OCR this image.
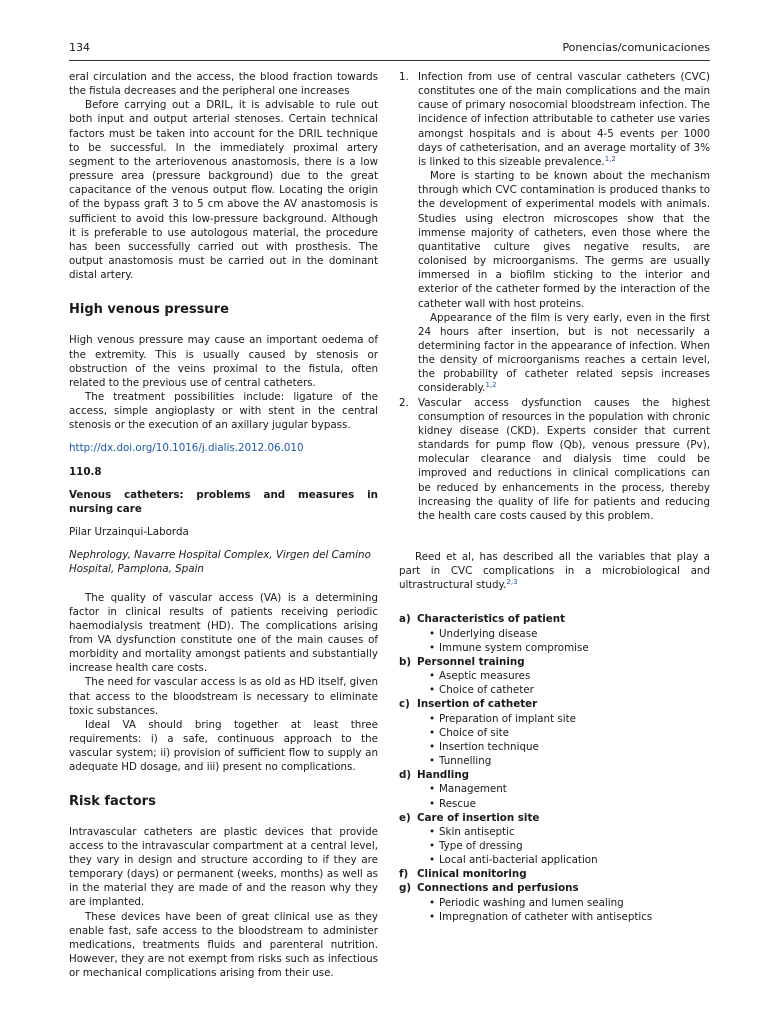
134	Ponencias/comunicaciones

eral circulation and the access, the blood fraction towards the fistula decreases and the peripheral one increases

Before carrying out a DRIL, it is advisable to rule out both input and output arterial stenoses. Certain technical factors must be taken into account for the DRIL technique to be successful. In the immediately proximal artery segment to the arteriovenous anastomosis, there is a low pressure area (pressure background) due to the great capacitance of the venous output flow. Locating the origin of the bypass graft 3 to 5 cm above the AV anastomosis is sufficient to avoid this low-pressure background. Although it is preferable to use autologous material, the procedure has been successfully carried out with prosthesis. The output anastomosis must be carried out in the dominant distal artery.

High venous pressure

High venous pressure may cause an important oedema of the extremity. This is usually caused by stenosis or obstruction of the veins proximal to the fistula, often related to the previous use of central catheters.

The treatment possibilities include: ligature of the access, simple angioplasty or with stent in the central stenosis or the execution of an axillary jugular bypass.

http://dx.doi.org/10.1016/j.dialis.2012.06.010

110.8

Venous catheters: problems and measures in nursing care

Pilar Urzainqui-Laborda

Nephrology, Navarre Hospital Complex, Virgen del Camino Hospital, Pamplona, Spain

The quality of vascular access (VA) is a determining factor in clinical results of patients receiving periodic haemodialysis treatment (HD). The complications arising from VA dysfunction constitute one of the main causes of morbidity and mortality amongst patients and substantially increase health care costs.

The need for vascular access is as old as HD itself, given that access to the bloodstream is necessary to eliminate toxic substances.

Ideal VA should bring together at least three requirements: i) a safe, continuous approach to the vascular system; ii) provision of sufficient flow to supply an adequate HD dosage, and iii) present no complications.

Risk factors

Intravascular catheters are plastic devices that provide access to the intravascular compartment at a central level, they vary in design and structure according to if they are temporary (days) or permanent (weeks, months) as well as in the material they are made of and the reason why they are implanted.

These devices have been of great clinical use as they enable fast, safe access to the bloodstream to administer medications, treatments fluids and parenteral nutrition. However, they are not exempt from risks such as infectious or mechanical complications arising from their use.

1. Infection from use of central vascular catheters (CVC) constitutes one of the main complications and the main cause of primary nosocomial bloodstream infection. The incidence of infection attributable to catheter use varies amongst hospitals and is about 4-5 events per 1000 days of catheterisation, and an average mortality of 3% is linked to this sizeable prevalence.$^{1,2}$

More is starting to be known about the mechanism through which CVC contamination is produced thanks to the development of experimental models with animals. Studies using electron microscopes show that the immense majority of catheters, even those where the quantitative culture gives negative results, are colonised by microorganisms. The germs are usually immersed in a biofilm sticking to the interior and exterior of the catheter formed by the interaction of the catheter wall with host proteins.

Appearance of the film is very early, even in the first 24 hours after insertion, but is not necessarily a determining factor in the appearance of infection. When the density of microorganisms reaches a certain level, the probability of catheter related sepsis increases considerably.$^{1,2}$

2. Vascular access dysfunction causes the highest consumption of resources in the population with chronic kidney disease (CKD). Experts consider that current standards for pump flow (Qb), venous pressure (Pv), molecular clearance and dialysis time could be improved and reductions in clinical complications can be reduced by enhancements in the process, thereby increasing the quality of life for patients and reducing the health care costs caused by this problem.

Reed et al, has described all the variables that play a part in CVC complications in a microbiological and ultrastructural study.$^{2,3}$

a) Characteristics of patient
• Underlying disease
• Immune system compromise
b) Personnel training
• Aseptic measures
• Choice of catheter
c) Insertion of catheter
• Preparation of implant site
• Choice of site
• Insertion technique
• Tunnelling
d) Handling
• Management
• Rescue
e) Care of insertion site
• Skin antiseptic
• Type of dressing
• Local anti-bacterial application
f) Clinical monitoring
g) Connections and perfusions
• Periodic washing and lumen sealing
• Impregnation of catheter with antiseptics
